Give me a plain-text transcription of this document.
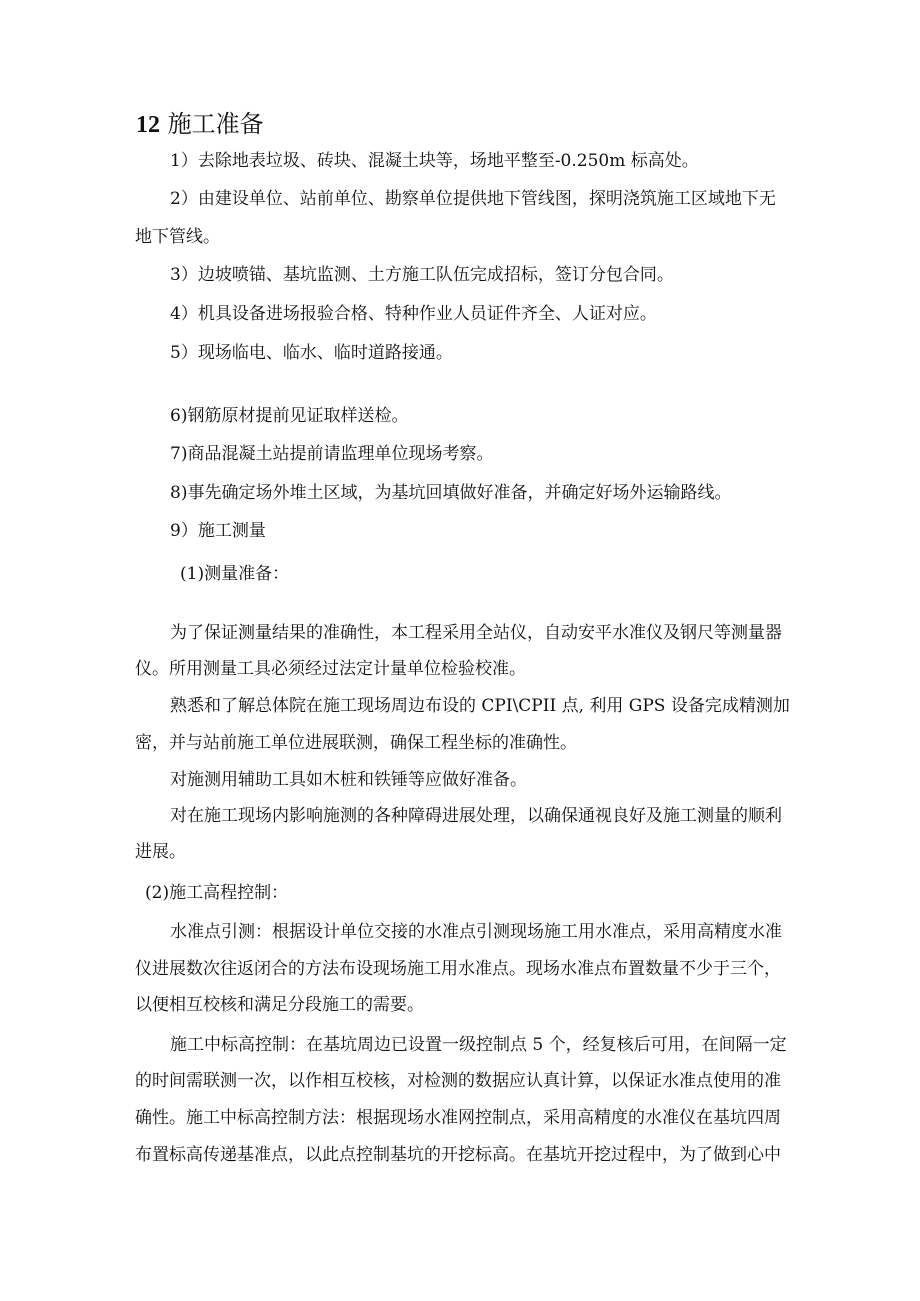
12 施工准备
1）去除地表垃圾、砖块、混凝土块等，场地平整至-0.250m 标高处。
2）由建设单位、站前单位、勘察单位提供地下管线图，探明浇筑施工区域地下无
地下管线。
3）边坡喷锚、基坑监测、土方施工队伍完成招标，签订分包合同。
4）机具设备进场报验合格、特种作业人员证件齐全、人证对应。
5）现场临电、临水、临时道路接通。
6)钢筋原材提前见证取样送检。
7)商品混凝土站提前请监理单位现场考察。
8)事先确定场外堆土区域，为基坑回填做好准备，并确定好场外运输路线。
9）施工测量
(1)测量准备：
为了保证测量结果的准确性，本工程采用全站仪，自动安平水准仪及钢尺等测量器
仪。所用测量工具必须经过法定计量单位检验校准。
熟悉和了解总体院在施工现场周边布设的 CPI\CPII 点, 利用 GPS 设备完成精测加
密，并与站前施工单位进展联测，确保工程坐标的准确性。
对施测用辅助工具如木桩和铁锤等应做好准备。
对在施工现场内影响施测的各种障碍进展处理，以确保通视良好及施工测量的顺利
进展。
(2)施工高程控制：
水准点引测：根据设计单位交接的水准点引测现场施工用水准点，采用高精度水准
仪进展数次往返闭合的方法布设现场施工用水准点。现场水准点布置数量不少于三个，
以便相互校核和满足分段施工的需要。
施工中标高控制：在基坑周边已设置一级控制点 5 个，经复核后可用，在间隔一定
的时间需联测一次，以作相互校核，对检测的数据应认真计算，以保证水准点使用的准
确性。施工中标高控制方法：根据现场水准网控制点，采用高精度的水准仪在基坑四周
布置标高传递基准点，以此点控制基坑的开挖标高。在基坑开挖过程中，为了做到心中
